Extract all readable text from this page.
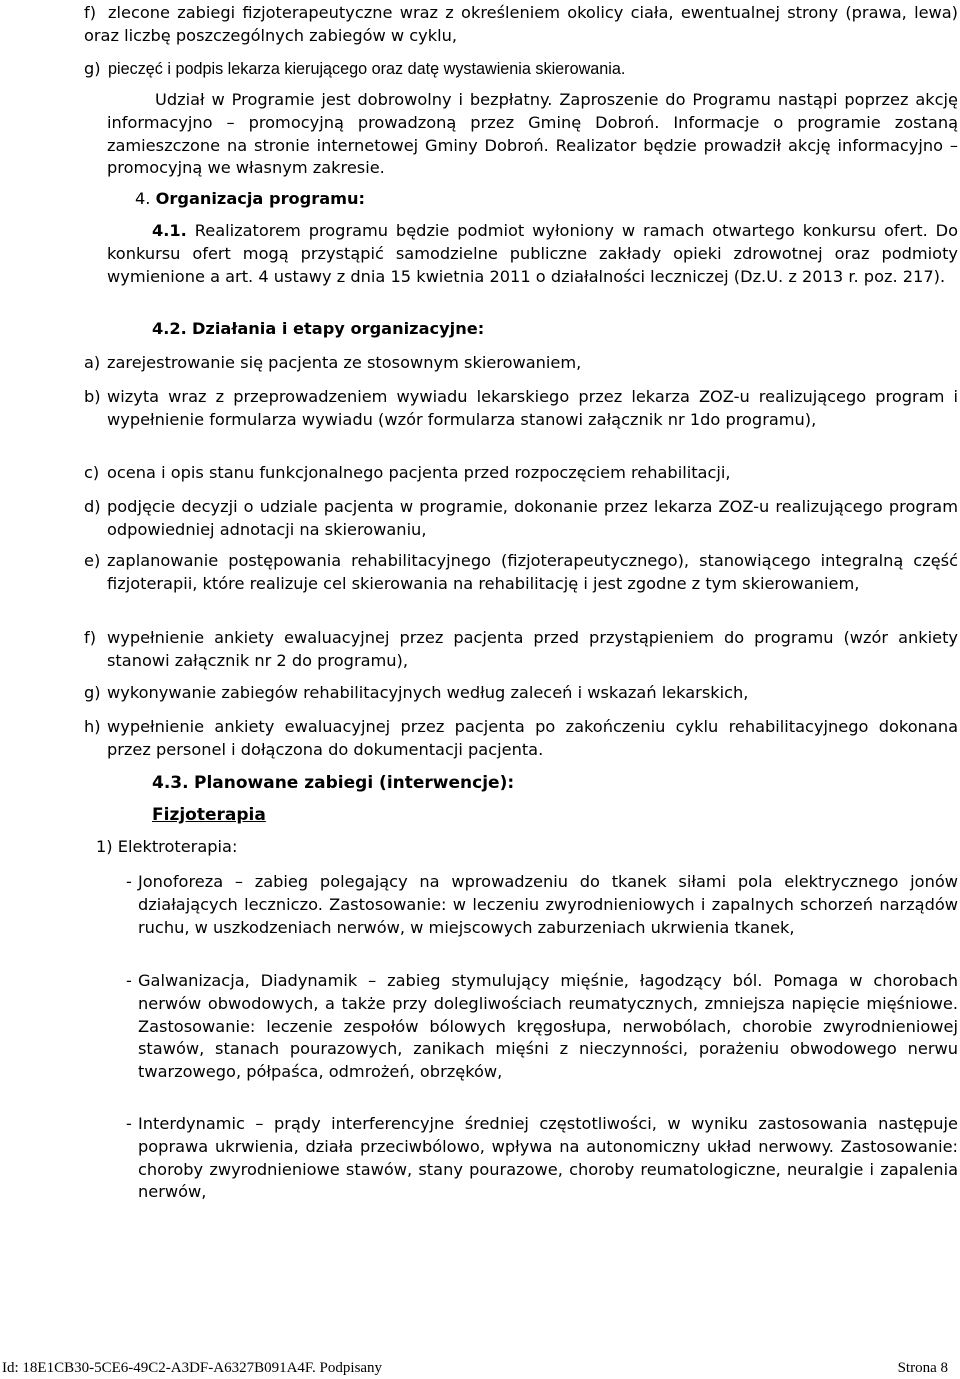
f) zlecone zabiegi fizjoterapeutyczne wraz z określeniem okolicy ciała, ewentualnej strony (prawa, lewa) oraz liczbę poszczególnych zabiegów w cyklu,
g) pieczęć i podpis lekarza kierującego oraz datę wystawienia skierowania.
Udział w Programie jest dobrowolny i bezpłatny. Zaproszenie do Programu nastąpi poprzez akcję informacyjno – promocyjną prowadzoną przez Gminę Dobroń. Informacje o programie zostaną zamieszczone na stronie internetowej Gminy Dobroń. Realizator będzie prowadził akcję informacyjno – promocyjną we własnym zakresie.
4. Organizacja programu:
4.1. Realizatorem programu będzie podmiot wyłoniony w ramach otwartego konkursu ofert. Do konkursu ofert mogą przystąpić samodzielne publiczne zakłady opieki zdrowotnej oraz podmioty wymienione a art. 4 ustawy z dnia 15 kwietnia 2011 o działalności leczniczej (Dz.U. z 2013 r. poz. 217).
4.2. Działania i etapy organizacyjne:
a) zarejestrowanie się pacjenta ze stosownym skierowaniem,
b) wizyta wraz z przeprowadzeniem wywiadu lekarskiego przez lekarza ZOZ-u realizującego program i wypełnienie formularza wywiadu (wzór formularza stanowi załącznik nr 1do programu),
c) ocena i opis stanu funkcjonalnego pacjenta przed rozpoczęciem rehabilitacji,
d) podjęcie decyzji o udziale pacjenta w programie, dokonanie przez lekarza ZOZ-u realizującego program odpowiedniej adnotacji na skierowaniu,
e) zaplanowanie postępowania rehabilitacyjnego (fizjoterapeutycznego), stanowiącego integralną część fizjoterapii, które realizuje cel skierowania na rehabilitację i jest zgodne z tym skierowaniem,
f) wypełnienie ankiety ewaluacyjnej przez pacjenta przed przystąpieniem do programu (wzór ankiety stanowi załącznik nr 2 do programu),
g) wykonywanie zabiegów rehabilitacyjnych według zaleceń i wskazań lekarskich,
h) wypełnienie ankiety ewaluacyjnej przez pacjenta po zakończeniu cyklu rehabilitacyjnego dokonana przez personel i dołączona do dokumentacji pacjenta.
4.3. Planowane zabiegi (interwencje):
Fizjoterapia
1) Elektroterapia:
- Jonoforeza – zabieg polegający na wprowadzeniu do tkanek siłami pola elektrycznego jonów działających leczniczo. Zastosowanie: w leczeniu zwyrodnieniowych i zapalnych schorzeń narządów ruchu, w uszkodzeniach nerwów, w miejscowych zaburzeniach ukrwienia tkanek,
- Galwanizacja, Diadynamik – zabieg stymulujący mięśnie, łagodzący ból. Pomaga w chorobach nerwów obwodowych, a także przy dolegliwościach reumatycznych, zmniejsza napięcie mięśniowe. Zastosowanie: leczenie zespołów bólowych kręgosłupa, nerwobólach, chorobie zwyrodnieniowej stawów, stanach pourazowych, zanikach mięśni z nieczynności, porażeniu obwodowego nerwu twarzowego, półpaśca, odmrożeń, obrzęków,
- Interdynamic – prądy interferencyjne średniej częstotliwości, w wyniku zastosowania następuje poprawa ukrwienia, działa przeciwbólowo, wpływa na autonomiczny układ nerwowy. Zastosowanie: choroby zwyrodnieniowe stawów, stany pourazowe, choroby reumatologiczne, neuralgie i zapalenia nerwów,
Id: 18E1CB30-5CE6-49C2-A3DF-A6327B091A4F. Podpisany	Strona 8
